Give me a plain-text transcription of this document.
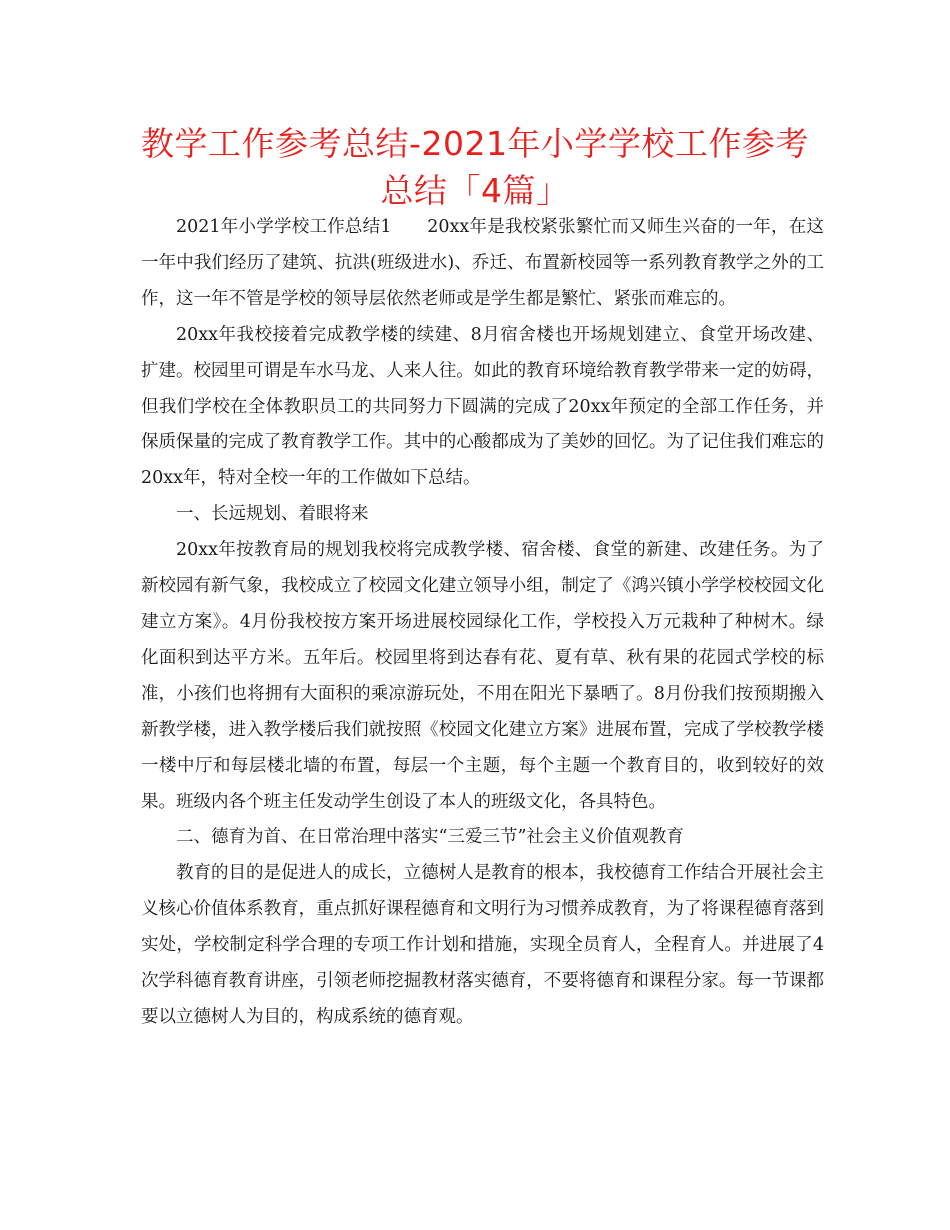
教学工作参考总结-2021年小学学校工作参考总结「4篇」

2021年小学学校工作总结1　　20xx年是我校紧张繁忙而又师生兴奋的一年，在这一年中我们经历了建筑、抗洪(班级进水)、乔迁、布置新校园等一系列教育教学之外的工作，这一年不管是学校的领导层依然老师或是学生都是繁忙、紧张而难忘的。

20xx年我校接着完成教学楼的续建、8月宿舍楼也开场规划建立、食堂开场改建、扩建。校园里可谓是车水马龙、人来人往。如此的教育环境给教育教学带来一定的妨碍，但我们学校在全体教职员工的共同努力下圆满的完成了20xx年预定的全部工作任务，并保质保量的完成了教育教学工作。其中的心酸都成为了美妙的回忆。为了记住我们难忘的20xx年，特对全校一年的工作做如下总结。

一、长远规划、着眼将来

20xx年按教育局的规划我校将完成教学楼、宿舍楼、食堂的新建、改建任务。为了新校园有新气象，我校成立了校园文化建立领导小组，制定了《鸿兴镇小学学校校园文化建立方案》。4月份我校按方案开场进展校园绿化工作，学校投入万元栽种了种树木。绿化面积到达平方米。五年后。校园里将到达春有花、夏有草、秋有果的花园式学校的标准，小孩们也将拥有大面积的乘凉游玩处，不用在阳光下暴晒了。8月份我们按预期搬入新教学楼，进入教学楼后我们就按照《校园文化建立方案》进展布置，完成了学校教学楼一楼中厅和每层楼北墙的布置，每层一个主题，每个主题一个教育目的，收到较好的效果。班级内各个班主任发动学生创设了本人的班级文化，各具特色。

二、德育为首、在日常治理中落实“三爱三节”社会主义价值观教育

教育的目的是促进人的成长，立德树人是教育的根本，我校德育工作结合开展社会主义核心价值体系教育，重点抓好课程德育和文明行为习惯养成教育，为了将课程德育落到实处，学校制定科学合理的专项工作计划和措施，实现全员育人，全程育人。并进展了4次学科德育教育讲座，引领老师挖掘教材落实德育，不要将德育和课程分家。每一节课都要以立德树人为目的，构成系统的德育观。
